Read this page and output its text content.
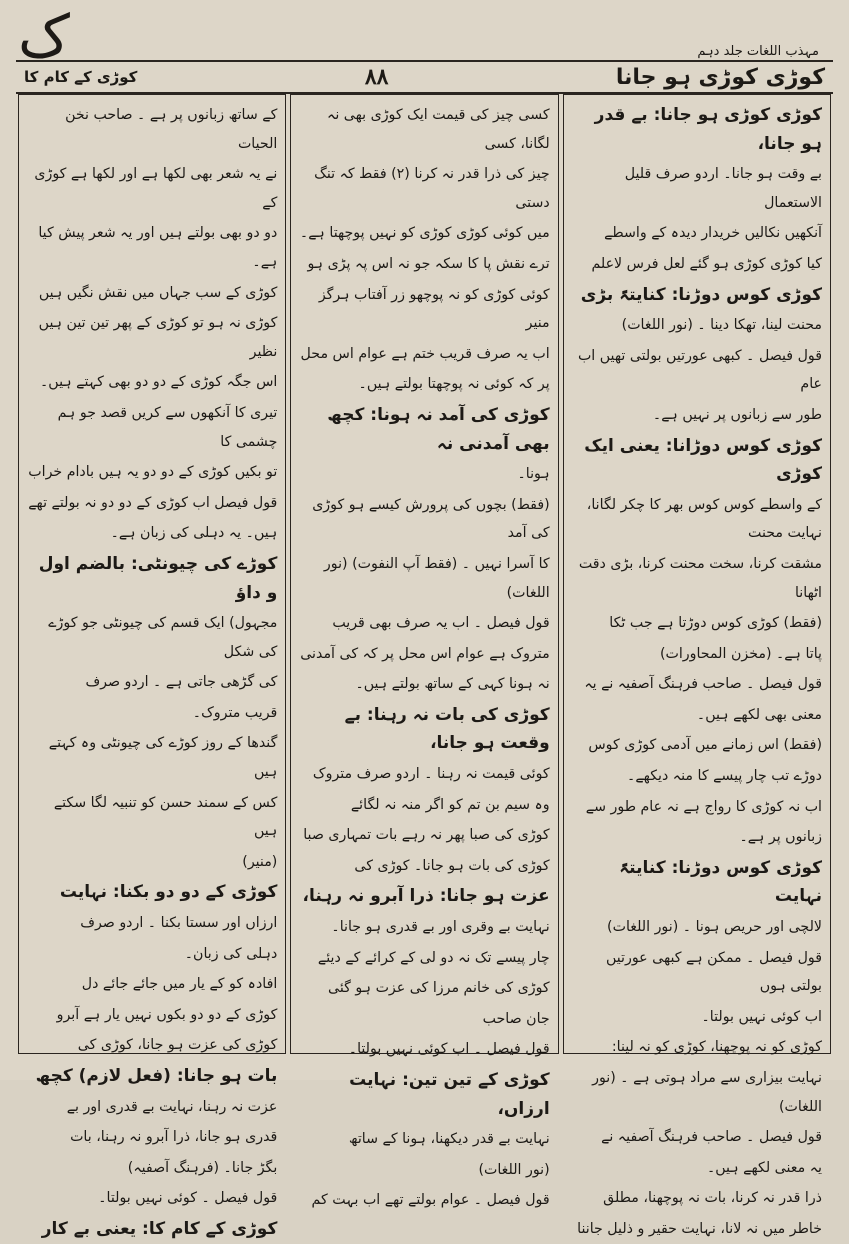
ک	مہذب اللغات جلد دہم
کوڑی کوڑی ہو جانا
۸۸
کوڑی کے کام کا

کوڑی کوڑی ہو جانا: بے قدر ہو جانا،

بے وقت ہو جانا۔ اردو صرف قلیل الاستعمال

آنکھیں نکالیں خریدار دیدہ کے واسطے

کیا کوڑی کوڑی ہو گئے لعل فرس لاعلم

کوڑی کوس دوڑنا: کنایتہً بڑی

محنت لینا، تھکا دینا ۔ (نور اللغات)

قول فیصل ۔ کبھی عورتیں بولتی تھیں اب عام

طور سے زبانوں پر نہیں ہے۔

کوڑی کوس دوڑانا: یعنی ایک کوڑی

کے واسطے کوس کوس بھر کا چکر لگانا، نہایت محنت

مشقت کرنا، سخت محنت کرنا، بڑی دقت اٹھانا

(فقط) کوڑی کوس دوڑتا ہے جب ٹکا

پاتا ہے۔ (مخزن المحاورات)

قول فیصل ۔ صاحب فرہنگ آصفیہ نے یہ

معنی بھی لکھے ہیں۔

(فقط) اس زمانے میں آدمی کوڑی کوس

دوڑے تب چار پیسے کا منہ دیکھے۔

اب نہ کوڑی کا رواج ہے نہ عام طور سے

زبانوں پر ہے۔

کوڑی کوس دوڑنا: کنایتہً نہایت

لالچی اور حریص ہونا ۔ (نور اللغات)

قول فیصل ۔ ممکن ہے کبھی عورتیں بولتی ہوں

اب کوئی نہیں بولتا۔

کوڑی کو نہ پوچھنا، کوڑی کو نہ لینا:

نہایت بیزاری سے مراد ہوتی ہے ۔ (نور اللغات)

قول فیصل ۔ صاحب فرہنگ آصفیہ نے

یہ معنی لکھے ہیں۔

ذرا قدر نہ کرنا، بات نہ پوچھنا، مطلق

خاطر میں نہ لانا، نہایت حقیر و ذلیل جاننا

کسی چیز کی قیمت ایک کوڑی بھی نہ لگانا، کسی

چیز کی ذرا قدر نہ کرنا (۲) فقط کہ تنگ دستی

میں کوئی کوڑی کوڑی کو نہیں پوچھتا ہے۔

ترے نقش پا کا سکہ جو نہ اس پہ پڑی ہو

کوئی کوڑی کو نہ پوچھو زر آفتاب ہرگز منیر

اب یہ صرف قریب ختم ہے عوام اس محل

پر کہ کوئی نہ پوچھتا بولتے ہیں۔

کوڑی کی آمد نہ ہونا: کچھ بھی آمدنی نہ

ہونا۔

(فقط) بچوں کی پرورش کیسے ہو کوڑی کی آمد

کا آسرا نہیں ۔ (فقط آپ النفوت) (نور اللغات)

قول فیصل ۔ اب یہ صرف بھی قریب

متروک ہے عوام اس محل پر کہ کی آمدنی

نہ ہونا کہی کے ساتھ بولتے ہیں۔

کوڑی کی بات نہ رہنا: بے وقعت ہو جانا،

کوئی قیمت نہ رہنا ۔ اردو صرف متروک

وہ سیم بن تم کو اگر منہ نہ لگائے

کوڑی کی صبا پھر نہ رہے بات تمہاری صبا

کوڑی کی بات ہو جانا۔ کوڑی کی

عزت ہو جانا: ذرا آبرو نہ رہنا،

نہایت بے وقری اور بے قدری ہو جانا۔

چار پیسے تک نہ دو لی کے کرائے کے دیئے

کوڑی کی خانم مرزا کی عزت ہو گئی

جان صاحب

قول فیصل ۔ اب کوئی نہیں بولتا۔

کوڑی کے تین تین: نہایت ارزاں،

نہایت بے قدر دیکھنا، ہونا کے ساتھ

(نور اللغات)

قول فیصل ۔ عوام بولتے تھے اب بہت کم

کے ساتھ زبانوں پر ہے ۔ صاحب نخن الحیات

نے یہ شعر بھی لکھا ہے اور لکھا ہے کوڑی کے

دو دو بھی بولتے ہیں اور یہ شعر پیش کیا ہے۔

کوڑی کے سب جہاں میں نقش نگیں ہیں

کوڑی نہ ہو تو کوڑی کے پھر تین تین ہیں نظیر

اس جگہ کوڑی کے دو دو بھی کہتے ہیں۔

تیری کا آنکھوں سے کریں قصد جو ہم چشمی کا

تو بکیں کوڑی کے دو دو یہ ہیں بادام خراب

قول فیصل اب کوڑی کے دو دو نہ بولتے تھے

ہیں۔ یہ دہلی کی زبان ہے۔

کوڑے کی چیونٹی: بالضم اول و داؤ

مجہول) ایک قسم کی چیونٹی جو کوڑے کی شکل

کی گڑھی جاتی ہے ۔ اردو صرف

قریب متروک۔

گندھا کے روز کوڑے کی چیونٹی وہ کہتے ہیں

کس کے سمند حسن کو تنبیہ لگا سکتے ہیں

(منیر)

کوڑی کے دو دو بکنا: نہایت

ارزاں اور سستا بکنا ۔ اردو صرف

دہلی کی زبان۔

افادہ کو کے یار میں جائے جائے دل

کوڑی کے دو دو بکوں نہیں یار ہے آبرو

کوڑی کی عزت ہو جانا، کوڑی کی

بات ہو جانا: (فعل لازم) کچھ

عزت نہ رہنا، نہایت بے قدری اور بے

قدری ہو جانا، ذرا آبرو نہ رہنا، بات

بگڑ جانا۔ (فرہنگ آصفیہ)

قول فیصل ۔ کوئی نہیں بولتا۔

کوڑی کے کام کا: یعنی بے کار
